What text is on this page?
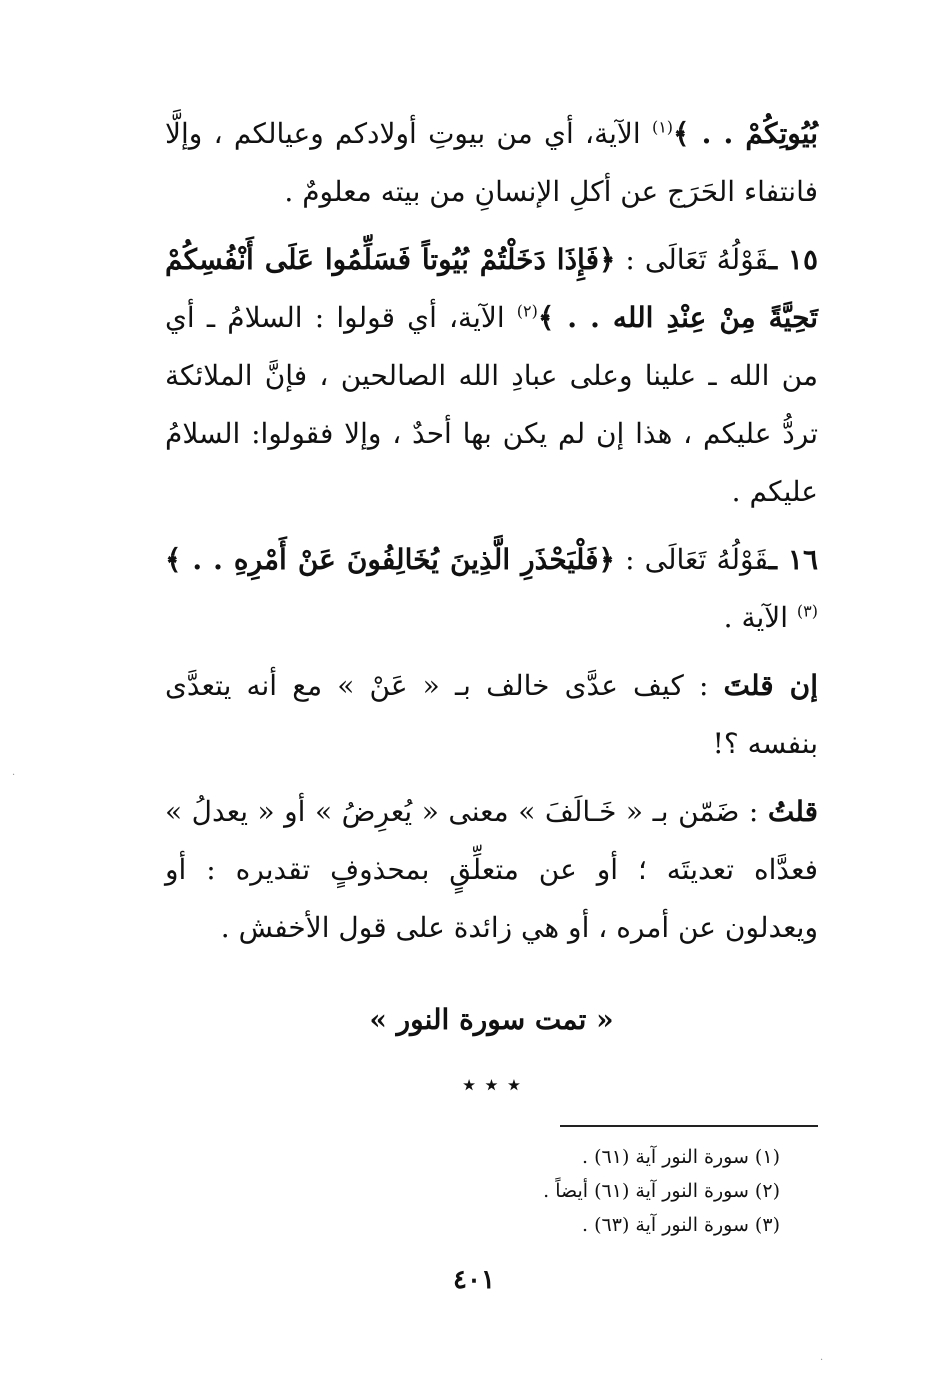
بُيُوتِكُمْ . . ﴾$^{(١)}$ الآية، أي من بيوتِ أولادكم وعيالكم ، وإلَّا فانتفاء الحَرَج عن أكلِ الإنسانِ من بيته معلومٌ .

١٥ ـقَوْلُهُ تَعَالَى : ﴿فَإِذَا دَخَلْتُمْ بُيُوتاً فَسَلِّمُوا عَلَى أَنْفُسِكُمْ تَحِيَّةً مِنْ عِنْدِ الله . . ﴾$^{(٢)}$ الآية، أي قولوا : السلامُ ـ أي من الله ـ علينا وعلى عبادِ الله الصالحين ، فإنَّ الملائكة تردُّ عليكم ، هذا إن لم يكن بها أحدٌ ، وإلا فقولوا: السلامُ عليكم .

١٦ ـقَوْلُهُ تَعَالَى : ﴿فَلْيَحْذَرِ الَّذِينَ يُخَالِفُونَ عَنْ أَمْرِهِ . . ﴾$^{(٣)}$ الآية .

إن قلتَ : كيف عدَّى خالف بـ « عَنْ » مع أنه يتعدَّى بنفسه ؟!

قلتُ : ضَمّن بـ « خَـالَفَ » معنى « يُعرِضُ » أو « يعدلُ » فعدَّاه تعديتَه ؛ أو عن متعلِّقٍ بمحذوفٍ تقديره : أو ويعدلون عن أمره ، أو هي زائدة على قول الأخفش .

« تمت سورة النور »
٭ ٭ ٭

(١) سورة النور آية (٦١) .

(٢) سورة النور آية (٦١) أيضاً .

(٣) سورة النور آية (٦٣) .

٤٠١
·
·
